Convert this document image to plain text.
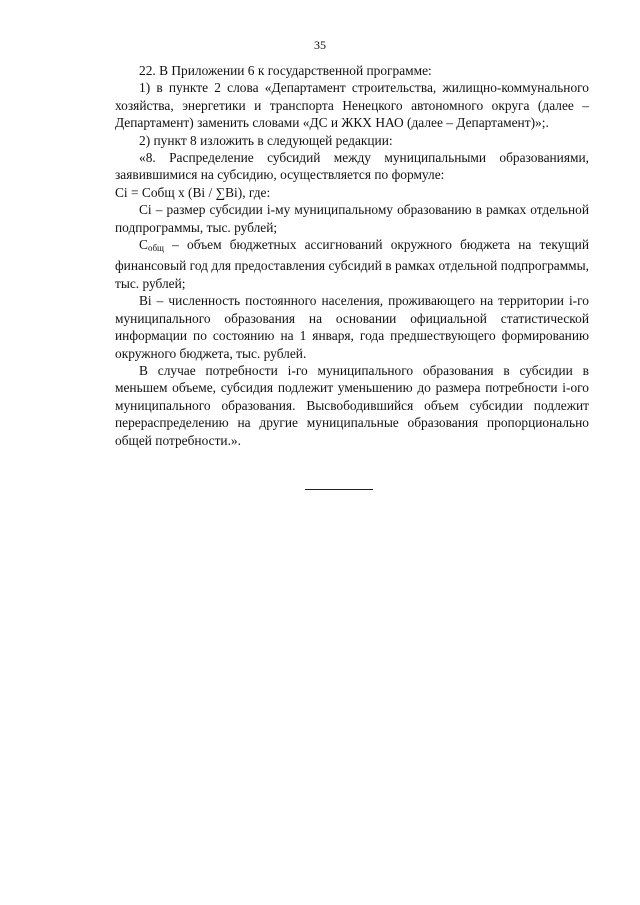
35

22. В Приложении 6 к государственной программе:

1) в пункте 2 слова «Департамент строительства, жилищно-коммунального хозяйства, энергетики и транспорта Ненецкого автономного округа (далее – Департамент) заменить словами «ДС и ЖКХ НАО (далее – Департамент)»;.

2) пункт 8 изложить в следующей редакции:

«8. Распределение субсидий между муниципальными образованиями, заявившимися на субсидию, осуществляется по формуле:

Ci = Cобщ x (Bi / ∑Bi), где:

Ci – размер субсидии i-му муниципальному образованию в рамках отдельной подпрограммы, тыс. рублей;

$C_{общ}$ – объем бюджетных ассигнований окружного бюджета на текущий финансовый год для предоставления субсидий в рамках отдельной подпрограммы, тыс. рублей;

Bi – численность постоянного населения, проживающего на территории i-го муниципального образования на основании официальной статистической информации по состоянию на 1 января, года предшествующего формированию окружного бюджета, тыс. рублей.

В случае потребности i-го муниципального образования в субсидии в меньшем объеме, субсидия подлежит уменьшению до размера потребности i-ого муниципального образования. Высвободившийся объем субсидии подлежит перераспределению на другие муниципальные образования пропорционально общей потребности.».
